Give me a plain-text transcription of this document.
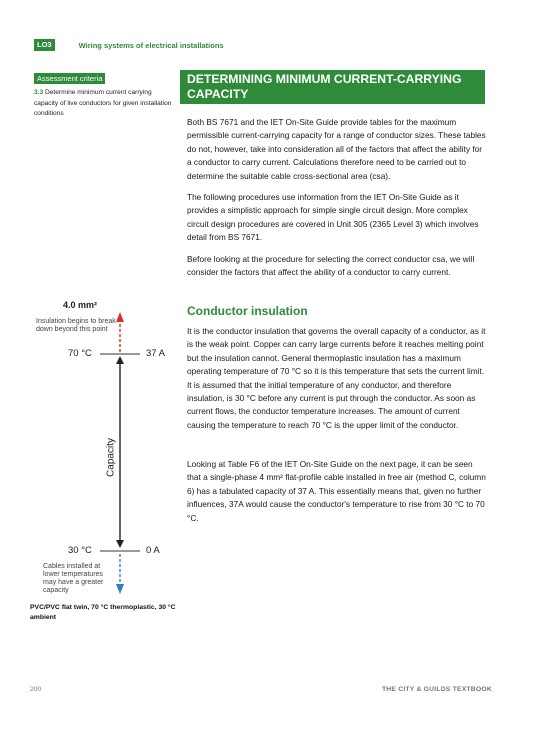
LO3	Wiring systems of electrical installations
Assessment criteria
3.3 Determine minimum current carrying capacity of live conductors for given installation conditions
DETERMINING MINIMUM CURRENT-CARRYING CAPACITY
Both BS 7671 and the IET On-Site Guide provide tables for the maximum permissible current-carrying capacity for a range of conductor sizes. These tables do not, however, take into consideration all of the factors that affect the ability for a conductor to carry current. Calculations therefore need to be carried out to determine the suitable cable cross-sectional area (csa).
The following procedures use information from the IET On-Site Guide as it provides a simplistic approach for simple single circuit design. More complex circuit design procedures are covered in Unit 305 (2365 Level 3) which involves detail from BS 7671.
Before looking at the procedure for selecting the correct conductor csa, we will consider the factors that affect the ability of a conductor to carry current.
Conductor insulation
It is the conductor insulation that governs the overall capacity of a conductor, as it is the weak point. Copper can carry large currents before it reaches melting point but the insulation cannot. General thermoplastic insulation has a maximum operating temperature of 70 °C so it is this temperature that sets the current limit. It is assumed that the initial temperature of any conductor, and therefore insulation, is 30 °C before any current is put through the conductor. As soon as current flows, the conductor temperature increases. The amount of current causing the temperature to reach 70 °C is the upper limit of the conductor.
Looking at Table F6 of the IET On-Site Guide on the next page, it can be seen that a single-phase 4 mm² flat-profile cable installed in free air (method C, column 6) has a tabulated capacity of 37 A. This essentially means that, given no further influences, 37A would cause the conductor's temperature to rise from 30 °C to 70 °C.
4.0 mm²
Insulation begins to break down beyond this point
70 °C	37 A
Capacity
30 °C	0 A
Cables installed at lower temperatures may have a greater capacity
PVC/PVC flat twin, 70 °C thermoplastic, 30 °C ambient
200	THE CITY & GUILDS TEXTBOOK
